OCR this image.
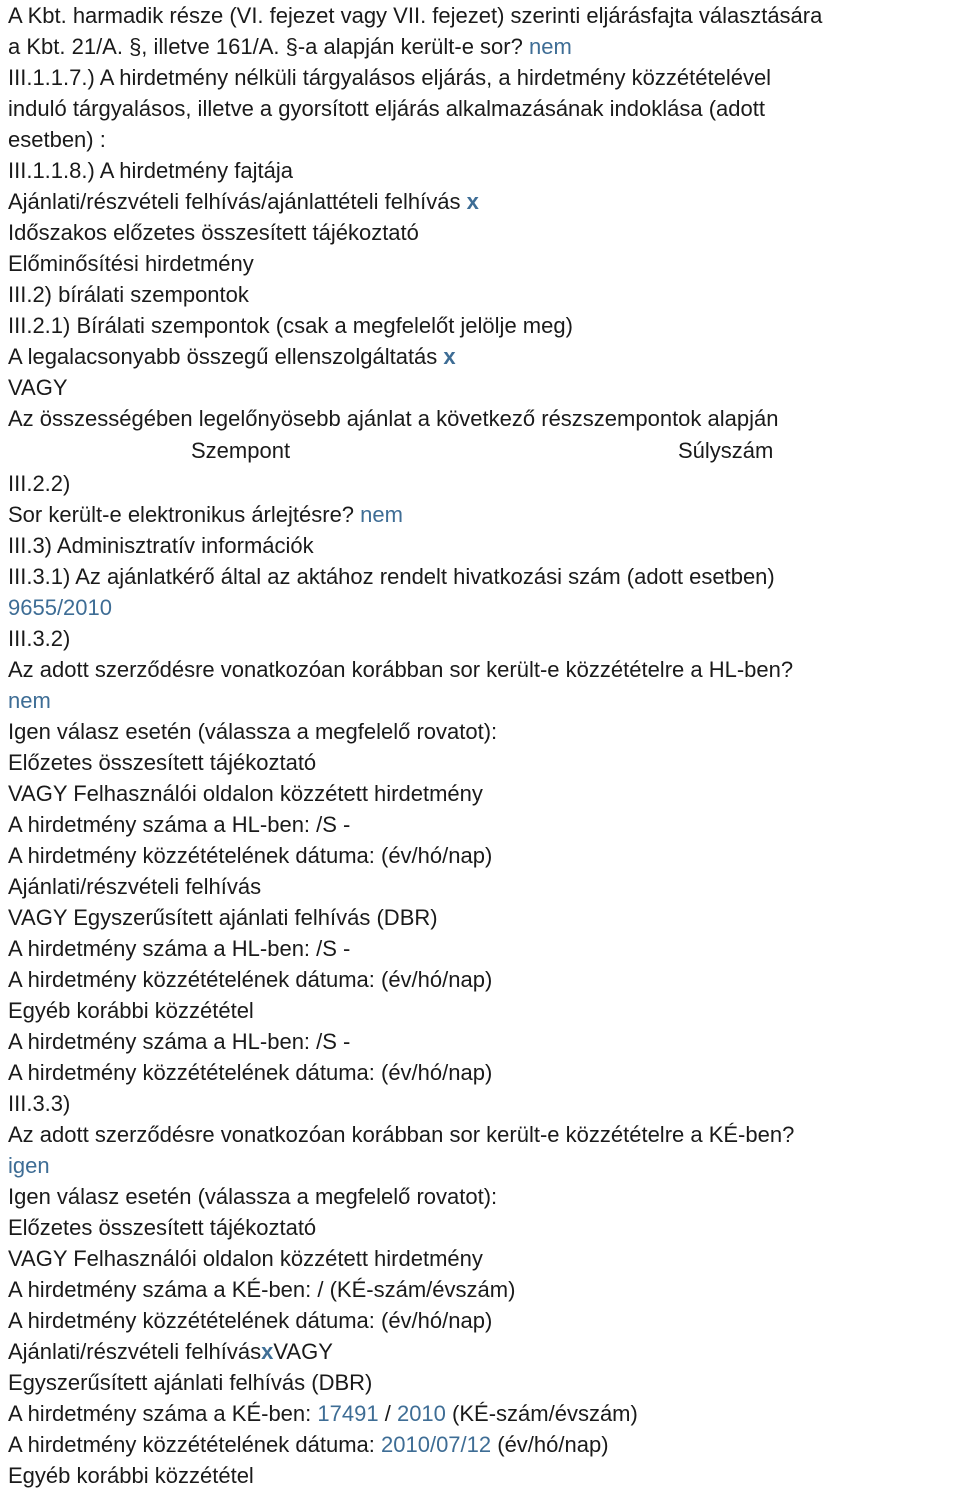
A Kbt. harmadik része (VI. fejezet vagy VII. fejezet) szerinti eljárásfajta választására
a Kbt. 21/A. §, illetve 161/A. §-a alapján került-e sor? nem
III.1.1.7.) A hirdetmény nélküli tárgyalásos eljárás, a hirdetmény közzétételével
induló tárgyalásos, illetve a gyorsított eljárás alkalmazásának indoklása (adott
esetben) :
III.1.1.8.) A hirdetmény fajtája
Ajánlati/részvételi felhívás/ajánlattételi felhívás x
Időszakos előzetes összesített tájékoztató
Előminősítési hirdetmény
III.2) bírálati szempontok
III.2.1) Bírálati szempontok (csak a megfelelőt jelölje meg)
A legalacsonyabb összegű ellenszolgáltatás x
VAGY
Az összességében legelőnyösebb ajánlat a következő részszempontok alapján
Szempont	Súlyszám
III.2.2)
Sor került-e elektronikus árlejtésre? nem
III.3) Adminisztratív információk
III.3.1) Az ajánlatkérő által az aktához rendelt hivatkozási szám (adott esetben)
9655/2010
III.3.2)
Az adott szerződésre vonatkozóan korábban sor került-e közzétételre a HL-ben?
nem
Igen válasz esetén (válassza a megfelelő rovatot):
Előzetes összesített tájékoztató
VAGY Felhasználói oldalon közzétett hirdetmény
A hirdetmény száma a HL-ben: /S -
A hirdetmény közzétételének dátuma: (év/hó/nap)
Ajánlati/részvételi felhívás
VAGY Egyszerűsített ajánlati felhívás (DBR)
A hirdetmény száma a HL-ben: /S -
A hirdetmény közzétételének dátuma: (év/hó/nap)
Egyéb korábbi közzététel
A hirdetmény száma a HL-ben: /S -
A hirdetmény közzétételének dátuma: (év/hó/nap)
III.3.3)
Az adott szerződésre vonatkozóan korábban sor került-e közzétételre a KÉ-ben?
igen
Igen válasz esetén (válassza a megfelelő rovatot):
Előzetes összesített tájékoztató
VAGY Felhasználói oldalon közzétett hirdetmény
A hirdetmény száma a KÉ-ben: / (KÉ-szám/évszám)
A hirdetmény közzétételének dátuma: (év/hó/nap)
Ajánlati/részvételi felhívásxVAGY
Egyszerűsített ajánlati felhívás (DBR)
A hirdetmény száma a KÉ-ben: 17491 / 2010 (KÉ-szám/évszám)
A hirdetmény közzétételének dátuma: 2010/07/12 (év/hó/nap)
Egyéb korábbi közzététel
